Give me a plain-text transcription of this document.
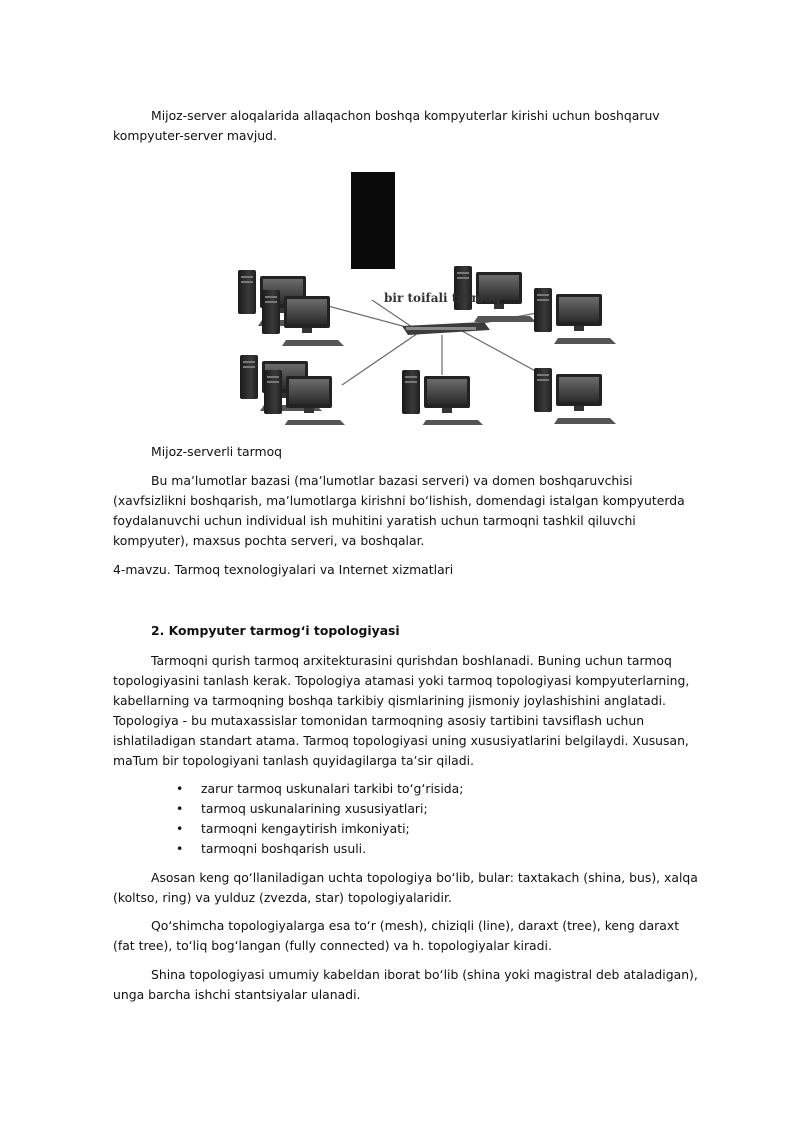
Mijoz-server aloqalarida allaqachon boshqa kompyuterlar kirishi uchun boshqaruv kompyuter-server mavjud.

bir toifali tarmoq

Mijoz-serverli tarmoq

Bu maʼlumotlar bazasi (maʼlumotlar bazasi serveri) va domen boshqaruvchisi (xavfsizlikni boshqarish, maʼlumotlarga kirishni boʻlishish, domendagi istalgan kompyuterda foydalanuvchi uchun individual ish muhitini yaratish uchun tarmoqni tashkil qiluvchi kompyuter), maxsus pochta serveri, va boshqalar.

4-mavzu. Tarmoq texnologiyalari va Internet xizmatlari

2. Kompyuter tarmogʻi topologiyasi

Tarmoqni qurish tarmoq arxitekturasini qurishdan boshlanadi. Buning uchun tarmoq topologiyasini tanlash kerak. Topologiya atamasi yoki tarmoq topologiyasi kompyuterlarning, kabellarning va tarmoqning boshqa tarkibiy qismlarining jismoniy joylashishini anglatadi. Topologiya - bu mutaxassislar tomonidan tarmoqning asosiy tartibini tavsiflash uchun ishlatiladigan standart atama. Tarmoq topologiyasi uning xususiyatlarini belgilaydi. Xususan, maTum bir topologiyani tanlash quyidagilarga taʼsir qiladi.

• zarur tarmoq uskunalari tarkibi toʻgʻrisida;
• tarmoq uskunalarining xususiyatlari;
• tarmoqni kengaytirish imkoniyati;
• tarmoqni boshqarish usuli.

Asosan keng qoʻllaniladigan uchta topologiya boʻlib, bular: taxtakach (shina, bus), xalqa (koltso, ring) va yulduz (zvezda, star) topologiyalaridir.

Qoʻshimcha topologiyalarga esa toʻr (mesh), chiziqli (line), daraxt (tree), keng daraxt (fat tree), toʻliq bogʻlangan (fully connected) va h. topologiyalar kiradi.

Shina topologiyasi umumiy kabeldan iborat boʻlib (shina yoki magistral deb ataladigan), unga barcha ishchi stantsiyalar ulanadi.
